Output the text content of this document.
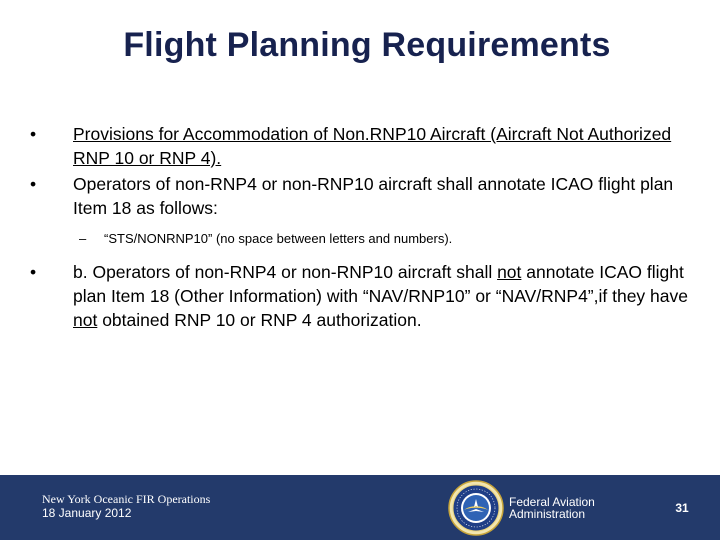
Flight Planning Requirements
•	Provisions for Accommodation of Non.RNP10 Aircraft (Aircraft Not Authorized RNP 10 or RNP 4).
•	Operators of non-RNP4 or non-RNP10 aircraft shall annotate ICAO flight plan Item 18 as follows:
– “STS/NONRNP10” (no space between letters and numbers).
•	b. Operators of non-RNP4 or non-RNP10 aircraft shall not annotate ICAO flight plan Item 18 (Other Information) with “NAV/RNP10” or “NAV/RNP4”,if they have not obtained RNP 10 or RNP 4 authorization.
New York Oceanic FIR Operations
18 January 2012
Federal Aviation
Administration	31
